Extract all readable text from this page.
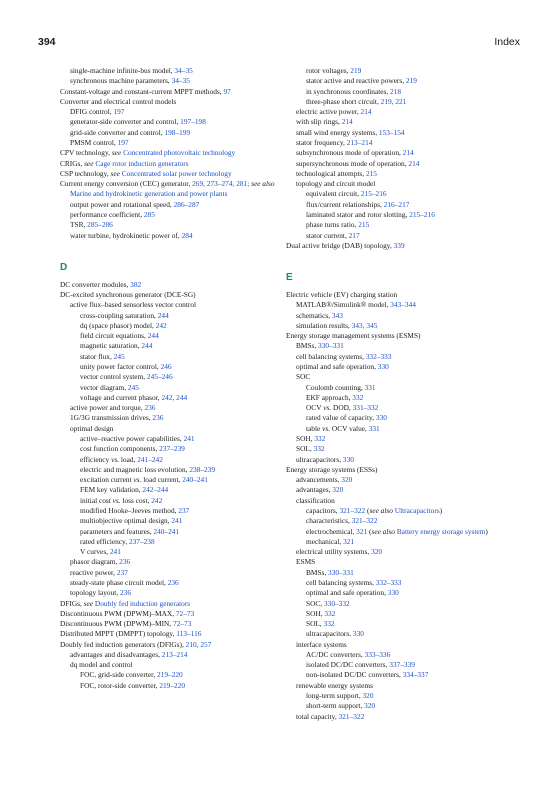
394	Index
single-machine infinite-bus model, 34–35
synchronous machine parameters, 34–35
Constant-voltage and constant-current MPPT methods, 97
Converter and electrical control models
DFIG control, 197
generator-side converter and control, 197–198
grid-side converter and control, 198–199
PMSM control, 197
CPV technology, see Concentrated photovoltaic technology
CRIGs, see Cage rotor induction generators
CSP technology, see Concentrated solar power technology
Current energy conversion (CEC) generator, 269, 273–274, 281; see also Marine and hydrokinetic generation and power plants
output power and rotational speed, 286–287
performance coefficient, 285
TSR, 285–286
water turbine, hydrokinetic power of, 284
D
DC converter modules, 382
DC-excited synchronous generator (DCE-SG)
active flux–based sensorless vector control
cross-coupling saturation, 244
dq (space phasor) model, 242
field circuit equations, 244
magnetic saturation, 244
stator flux, 245
unity power factor control, 246
vector control system, 245–246
vector diagram, 245
voltage and current phasor, 242, 244
active power and torque, 236
1G/3G transmission drives, 236
optimal design
active–reactive power capabilities, 241
cost function components, 237–239
efficiency vs. load, 241–242
electric and magnetic loss evolution, 238–239
excitation current vs. load current, 240–241
FEM key validation, 242–244
initial cost vs. loss cost, 242
modified Hooke–Jeeves method, 237
multiobjective optimal design, 241
parameters and features, 240–241
rated efficiency, 237–238
V curves, 241
phasor diagram, 236
reactive power, 237
steady-state phase circuit model, 236
topology layout, 236
DFIGs, see Doubly fed induction generators
Discontinuous PWM (DPWM)–MAX, 72–73
Discontinuous PWM (DPWM)–MIN, 72–73
Distributed MPPT (DMPPT) topology, 113–116
Doubly fed induction generators (DFIGs), 210, 257
advantages and disadvantages, 213–214
dq model and control
FOC, grid-side converter, 219–220
FOC, rotor-side converter, 219–220
rotor voltages, 219
stator active and reactive powers, 219
in synchronous coordinates, 218
three-phase short circuit, 219, 221
electric active power, 214
with slip rings, 214
small wind energy systems, 153–154
stator frequency, 213–214
subsynchronous mode of operation, 214
supersynchronous mode of operation, 214
technological attempts, 215
topology and circuit model
equivalent circuit, 215–216
flux/current relationships, 216–217
laminated stator and rotor slotting, 215–216
phase turns ratio, 215
stator current, 217
Dual active bridge (DAB) topology, 339
E
Electric vehicle (EV) charging station
MATLAB®/Simulink® model, 343–344
schematics, 343
simulation results, 343, 345
Energy storage management systems (ESMS)
BMSs, 330–331
cell balancing systems, 332–333
optimal and safe operation, 330
SOC
Coulomb counting, 331
EKF approach, 332
OCV vs. DOD, 331–332
rated value of capacity, 330
table vs. OCV value, 331
SOH, 332
SOL, 332
ultracapacitors, 330
Energy storage systems (ESSs)
advancements, 320
advantages, 320
classification
capacitors, 321–322 (see also Ultracapacitors)
characteristics, 321–322
electrochemical, 321 (see also Battery energy storage system)
mechanical, 321
electrical utility systems, 320
ESMS
BMSs, 330–331
cell balancing systems, 332–333
optimal and safe operation, 330
SOC, 330–332
SOH, 332
SOL, 332
ultracapacitors, 330
interface systems
AC/DC converters, 333–336
isolated DC/DC converters, 337–339
non-isolated DC/DC converters, 334–337
renewable energy systems
long-term support, 320
short-term support, 320
total capacity, 321–322
